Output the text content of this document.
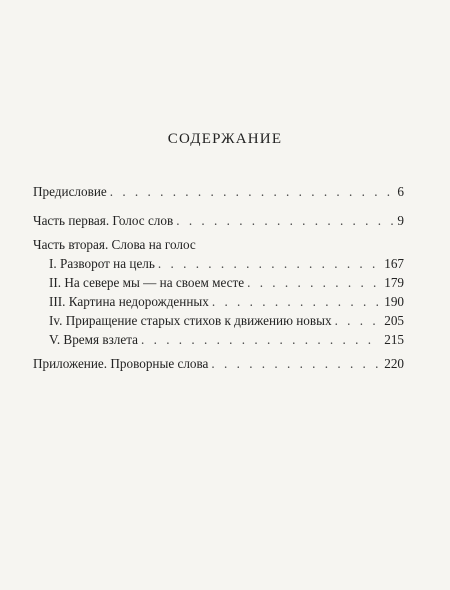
СОДЕРЖАНИЕ
Предисловие . . .	6
Часть первая. Голос слов . . .	9
Часть вторая. Слова на голос
I. Разворот на цель . . .	167
II. На севере мы — на своем месте . . .	179
III. Картина недорожденных . . .	190
Iv. Приращение старых стихов к движению новых . . .	205
V. Время взлета . . .	215
Приложение. Проворные слова . . .	220
